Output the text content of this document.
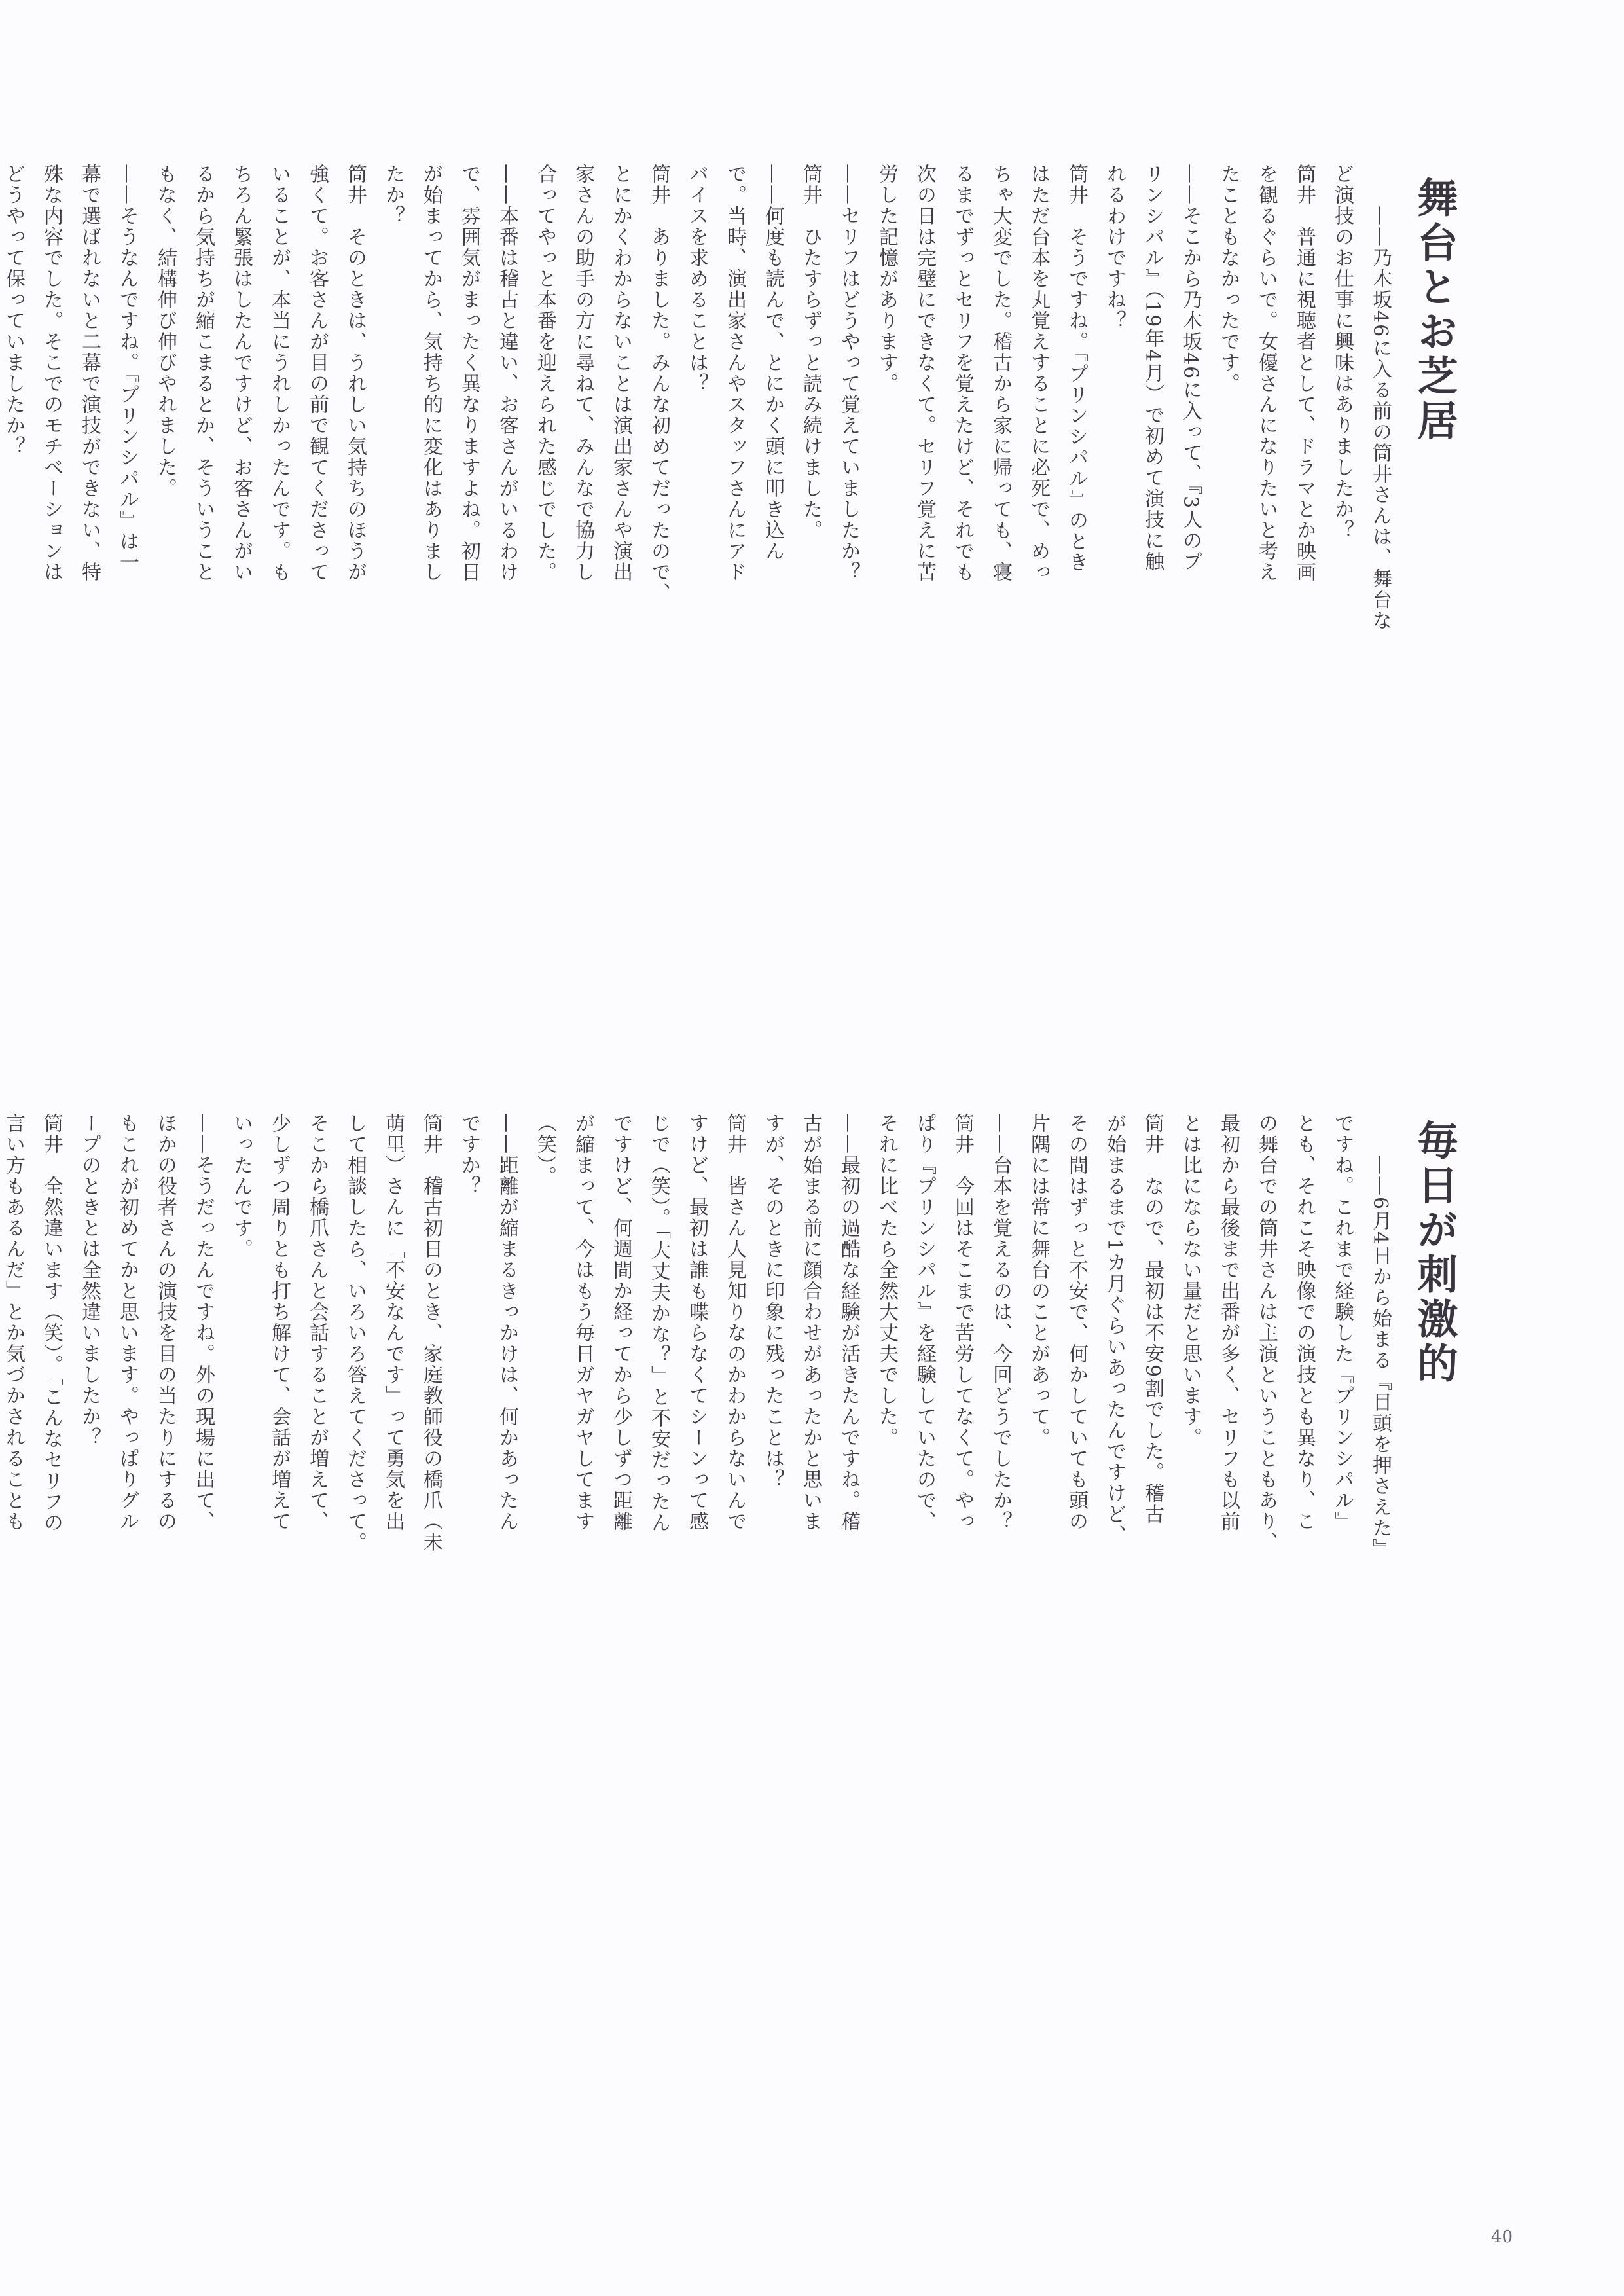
舞台とお芝居
毎日が刺激的

　　——乃木坂46に入る前の筒井さんは、舞台な
ど演技のお仕事に興味はありましたか？
筒井　普通に視聴者として、ドラマとか映画
を観るぐらいで。女優さんになりたいと考え
たこともなかったです。
——そこから乃木坂46に入って、『3人のプ
リンシパル』（19年4月）で初めて演技に触
れるわけですね？
筒井　そうですね。『プリンシパル』のとき
はただ台本を丸覚えすることに必死で、めっ
ちゃ大変でした。稽古から家に帰っても、寝
るまでずっとセリフを覚えたけど、それでも
次の日は完璧にできなくて。セリフ覚えに苦
労した記憶があります。
——セリフはどうやって覚えていましたか？
筒井　ひたすらずっと読み続けました。
——何度も読んで、とにかく頭に叩き込ん
で。当時、演出家さんやスタッフさんにアド
バイスを求めることは？
筒井　ありました。みんな初めてだったので、
とにかくわからないことは演出家さんや演出
家さんの助手の方に尋ねて、みんなで協力し
合ってやっと本番を迎えられた感じでした。
——本番は稽古と違い、お客さんがいるわけ
で、雰囲気がまったく異なりますよね。初日
が始まってから、気持ち的に変化はありまし
たか？
筒井　そのときは、うれしい気持ちのほうが
強くて。お客さんが目の前で観てくださって
いることが、本当にうれしかったんです。も
ちろん緊張はしたんですけど、お客さんがい
るから気持ちが縮こまるとか、そういうこと
もなく、結構伸び伸びやれました。
——そうなんですね。『プリンシパル』は一
幕で選ばれないと二幕で演技ができない、特
殊な内容でした。そこでのモチベーションは
どうやって保っていましたか？

　　——6月4日から始まる『目頭を押さえた』
ですね。これまで経験した『プリンシパル』
とも、それこそ映像での演技とも異なり、こ
の舞台での筒井さんは主演ということもあり、
最初から最後まで出番が多く、セリフも以前
とは比にならない量だと思います。
筒井　なので、最初は不安9割でした。稽古
が始まるまで1カ月ぐらいあったんですけど、
その間はずっと不安で、何かしていても頭の
片隅には常に舞台のことがあって。
——台本を覚えるのは、今回どうでしたか？
筒井　今回はそこまで苦労してなくて。やっ
ぱり『プリンシパル』を経験していたので、
それに比べたら全然大丈夫でした。
——最初の過酷な経験が活きたんですね。稽
古が始まる前に顔合わせがあったかと思いま
すが、そのときに印象に残ったことは？
筒井　皆さん人見知りなのかわからないんで
すけど、最初は誰も喋らなくてシーンって感
じで（笑）。「大丈夫かな？」と不安だったん
ですけど、何週間か経ってから少しずつ距離
が縮まって、今はもう毎日ガヤガヤしてます
（笑）。
——距離が縮まるきっかけは、何かあったん
ですか？
筒井　稽古初日のとき、家庭教師役の橋爪（未
萌里）さんに「不安なんです」って勇気を出
して相談したら、いろいろ答えてくださって。
そこから橋爪さんと会話することが増えて、
少しずつ周りとも打ち解けて、会話が増えて
いったんです。
——そうだったんですね。外の現場に出て、
ほかの役者さんの演技を目の当たりにするの
もこれが初めてかと思います。やっぱりグル
ープのときとは全然違いましたか？
筒井　全然違います（笑）。「こんなセリフの
言い方もあるんだ」とか気づかされることも
40
